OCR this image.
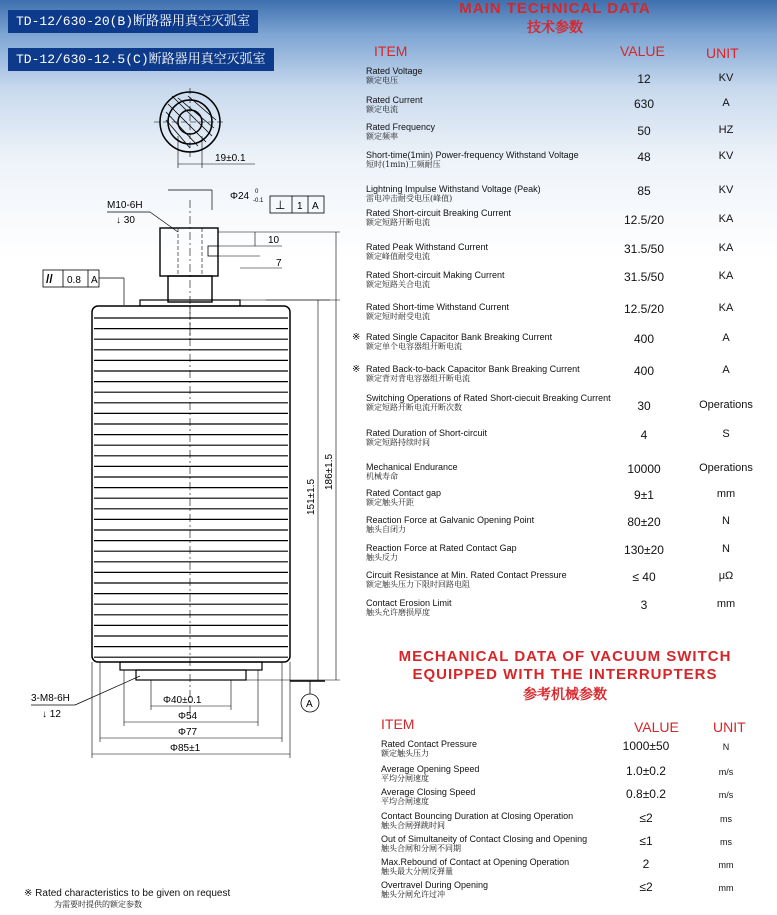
TD-12/630-20(B)断路器用真空灭弧室
TD-12/630-12.5(C)断路器用真空灭弧室
19±0.1
Φ24 0
-0.1 ⊥ 1 A
M10-6H
↓ 30
10
7
// 0.8 A
151±1.5
186±1.5
A
3-M8-6H
↓ 12
Φ40±0.1
Φ54
Φ77
Φ85±1
MAIN TECHNICAL DATA
技术参数
ITEM	VALUE	UNIT
Rated Voltage
额定电压	12	KV
Rated Current
额定电流	630	A
Rated Frequency
额定频率	50	HZ
Short-time(1min) Power-frequency Withstand Voltage
短时(1min)工频耐压
48	KV
Lightning Impulse Withstand Voltage (Peak)
雷电冲击耐受电压(峰值)
85	KV
Rated Short-circuit Breaking Current
额定短路开断电流	12.5/20	KA
Rated Peak Withstand Current
额定峰值耐受电流
31.5/50	KA
Rated Short-circuit Making Current
额定短路关合电流
31.5/50	KA
Rated Short-time Withstand Current
额定短时耐受电流
12.5/20	KA
※ Rated Single Capacitor Bank Breaking Current
额定单个电容器组开断电流
400	A
※ Rated Back-to-back Capacitor Bank Breaking Current
额定背对背电容器组开断电流
400	A
Switching Operations of Rated Short-ciecuit Breaking Current
额定短路开断电流开断次数	30	Operations
Rated Duration of Short-circuit
额定短路持续时间
4	S
Mechanical Endurance
机械寿命
10000	Operations
Rated Contact gap
额定触头开距
9±1	mm
Reaction Force at Galvanic Opening Point
触头自闭力
80±20	N
Reaction Force at Rated Contact Gap
触头反力
130±20	N
Circuit Resistance at Min. Rated Contact Pressure
额定触头压力下限时回路电阻
≤ 40	μΩ
Contact Erosion Limit
触头允许磨损厚度
3	mm
MECHANICAL DATA OF VACUUM SWITCH
EQUIPPED WITH THE INTERRUPTERS
参考机械参数
ITEM	VALUE UNIT
Rated Contact Pressure
额定触头压力
1000±50	N
Average Opening Speed
平均分闸速度
1.0±0.2	m/s
Average Closing Speed
平均合闸速度
0.8±0.2	m/s
Contact Bouncing Duration at Closing Operation
触头合闸弹跳时间
≤2	ms
Out of Simultaneity of Contact Closing and Opening
触头合闸和分闸不同期
≤1	ms
Max.Rebound of Contact at Opening Operation
触头最大分闸反弹量
2	mm
Overtravel During Opening
触头分闸允许过冲
≤2	mm
※ Rated characteristics to be given on request
为需要时提供的额定参数
